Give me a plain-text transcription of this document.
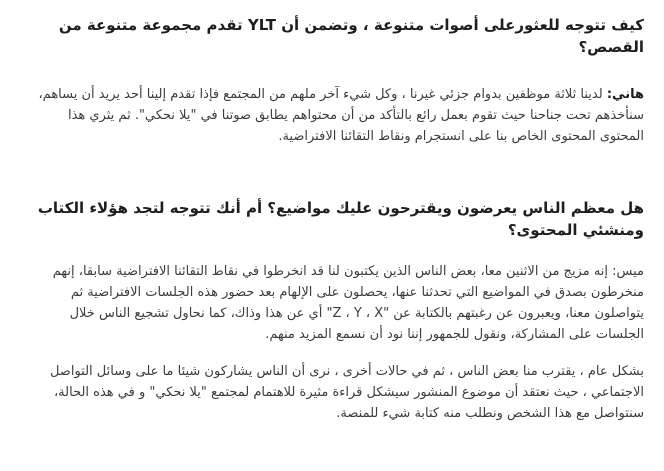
كيف تتوجه للعثورعلى أصوات متنوعة ، وتضمن أن YLT تقدم مجموعة متنوعة من القصص؟

هاني: لدينا ثلاثة موظفين بدوام جزئي غيرنا ، وكل شيء آخر ملهم من المجتمع فإذا تقدم إلينا أحد يريد أن يساهم، سنأخذهم تحت جناحنا حيث تقوم بعمل رائع بالتأكد من أن محتواهم يطابق صوتنا في "يلا نحكي". ثم يثري هذا المحتوى المحتوى الخاص بنا على انستجرام ونقاط التقائنا الافتراضية.

هل معظم الناس يعرضون ويقترحون عليك مواضيع؟ أم أنك تتوجه لتجد هؤلاء الكتاب ومنشئي المحتوى؟

ميس: إنه مزيج من الاثنين معا، بعض الناس الذين يكتبون لنا قد انخرطوا في نقاط التقائنا الافتراضية سابقا، إنهم منخرطون بصدق في المواضيع التي تحدثنا عنها، يحصلون على الإلهام بعد حضور هذه الجلسات الافتراضية ثم يتواصلون معنا، ويعبرون عن رغبتهم بالكتابة عن "Z ، Y ، X" أي عن هذا وذاك، كما نحاول تشجيع الناس خلال الجلسات على المشاركة، ونقول للجمهور إننا نود أن نسمع المزيد منهم.

بشكل عام ، يقترب منا بعض الناس ، ثم في حالات أخرى ، نرى أن الناس يشاركون شيئا ما على وسائل التواصل الاجتماعي ، حيث نعتقد أن موضوع المنشور سيشكل قراءة مثيرة للاهتمام لمجتمع "يلا نحكي" و في هذه الحالة، سنتواصل مع هذا الشخص ونطلب منه كتابة شيء للمنصة.
